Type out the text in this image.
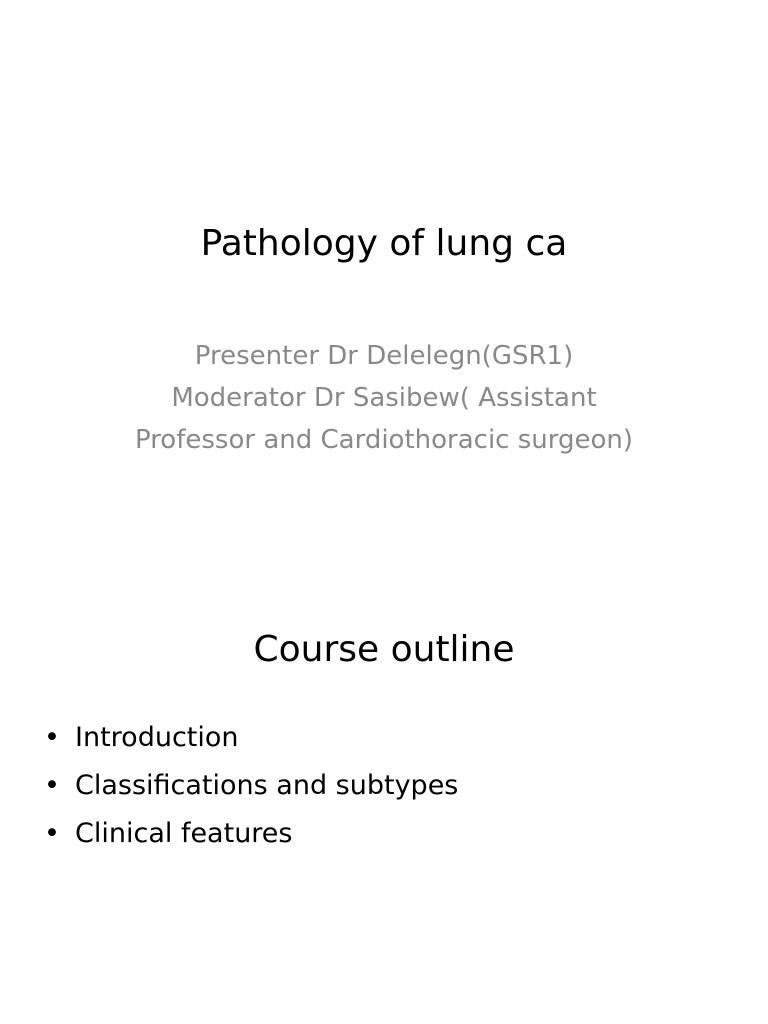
Pathology of lung ca
Presenter Dr Delelegn(GSR1)
Moderator Dr Sasibew( Assistant
Professor and Cardiothoracic surgeon)
Course outline
• Introduction
• Classifications and subtypes
• Clinical features
